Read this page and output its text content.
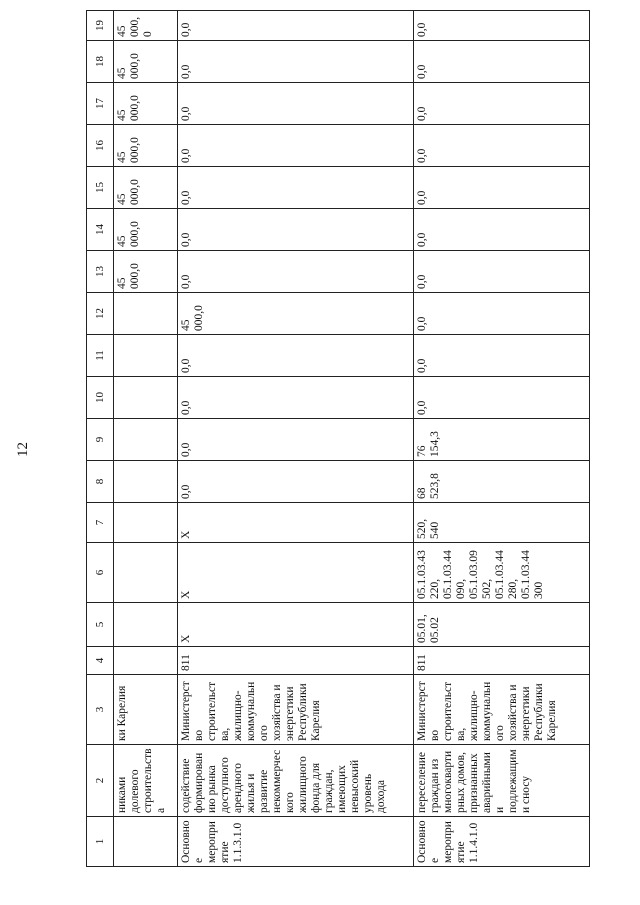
12
1	2	3	4	5	6	7	8	9	10	11	12	13	14	15	16	17	18	19
	никами долевого строительства	ки Карелия										45 000,0	45 000,0	45 000,0	45 000,0	45 000,0	45 000,0	45 000,0
Основное мероприятие 1.1.3.1.0	содействие формированию рынка доступного арендного жилья и развитие некоммерческого жилищного фонда для граждан, имеющих невысокий уровень дохода	Министерство строительства, жилищно-коммунального хозяйства и энергетики Республики Карелия	811	X	X	X	0,0	0,0	0,0	0,0	45 000,0	0,0	0,0	0,0	0,0	0,0	0,0	0,0
Основное мероприятие 1.1.4.1.0	переселение граждан из многоквартирных домов, признанных аварийными и подлежащими сносу	Министерство строительства, жилищно-коммунального хозяйства и энергетики Республики Карелия	811	05.01, 05.02	05.1.03.43220, 05.1.03.44090, 05.1.03.09502, 05.1.03.44280, 05.1.03.44300	520, 540	68 523,8	76 154,3	0,0	0,0	0,0	0,0	0,0	0,0	0,0	0,0	0,0	0,0
